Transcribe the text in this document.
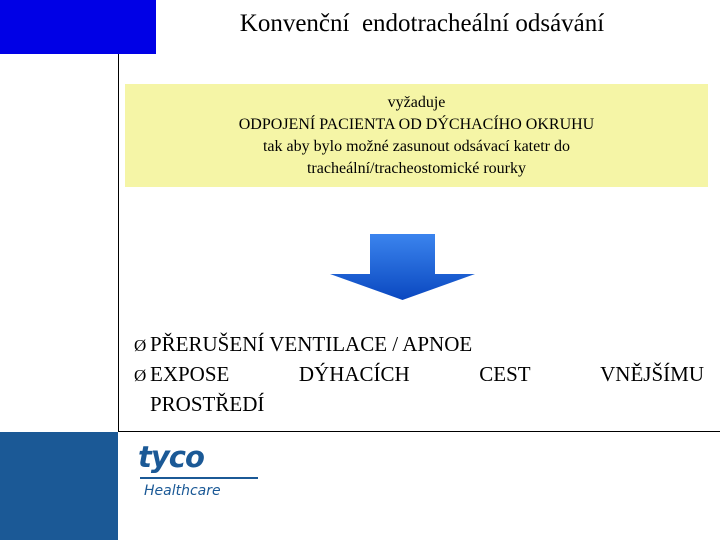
Konvenční  endotracheální odsávání
vyžaduje
ODPOJENÍ PACIENTA OD DÝCHACÍHO OKRUHU
tak aby bylo možné zasunout odsávací katetr do
tracheální/tracheostomické rourky
Ø PŘERUŠENÍ VENTILACE / APNOE
Ø EXPOSE	DÝHACÍCH	CEST	VNĚJŠÍMU
PROSTŘEDÍ
tyco
Healthcare
